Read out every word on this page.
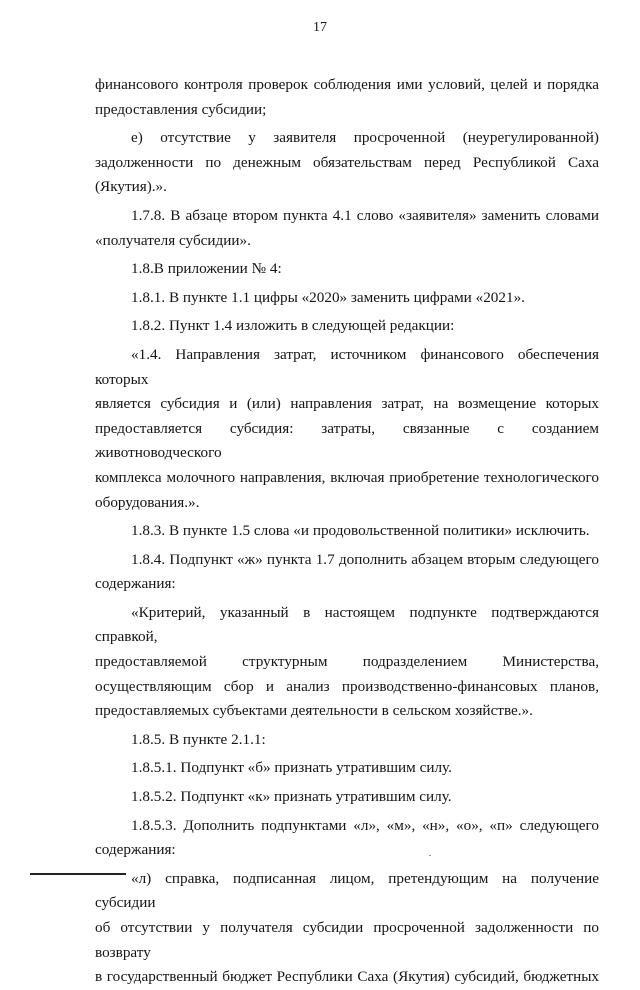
17

финансового контроля проверок соблюдения ими условий, целей и порядка

предоставления субсидии;

е) отсутствие у заявителя просроченной (неурегулированной)

задолженности по денежным обязательствам перед Республикой Саха

(Якутия).».

1.7.8. В абзаце втором пункта 4.1 слово «заявителя» заменить словами

«получателя субсидии».

1.8.В приложении № 4:

1.8.1. В пункте 1.1 цифры «2020» заменить цифрами «2021».

1.8.2. Пункт 1.4 изложить в следующей редакции:

«1.4. Направления затрат, источником финансового обеспечения которых

является субсидия и (или) направления затрат, на возмещение которых

предоставляется субсидия: затраты, связанные с созданием животноводческого

комплекса молочного направления, включая приобретение технологического

оборудования.».

1.8.3. В пункте 1.5 слова «и продовольственной политики» исключить.

1.8.4. Подпункт «ж» пункта 1.7 дополнить абзацем вторым следующего

содержания:

«Критерий, указанный в настоящем подпункте подтверждаются справкой,

предоставляемой структурным подразделением Министерства,

осуществляющим сбор и анализ производственно-финансовых планов,

предоставляемых субъектами деятельности в сельском хозяйстве.».

1.8.5. В пункте 2.1.1:

1.8.5.1. Подпункт «б» признать утратившим силу.

1.8.5.2. Подпункт «к» признать утратившим силу.

1.8.5.3. Дополнить подпунктами «л», «м», «н», «о», «п» следующего

содержания:

«л) справка, подписанная лицом, претендующим на получение субсидии

об отсутствии у получателя субсидии просроченной задолженности по возврату

в государственный бюджет Республики Саха (Якутия) субсидий, бюджетных
